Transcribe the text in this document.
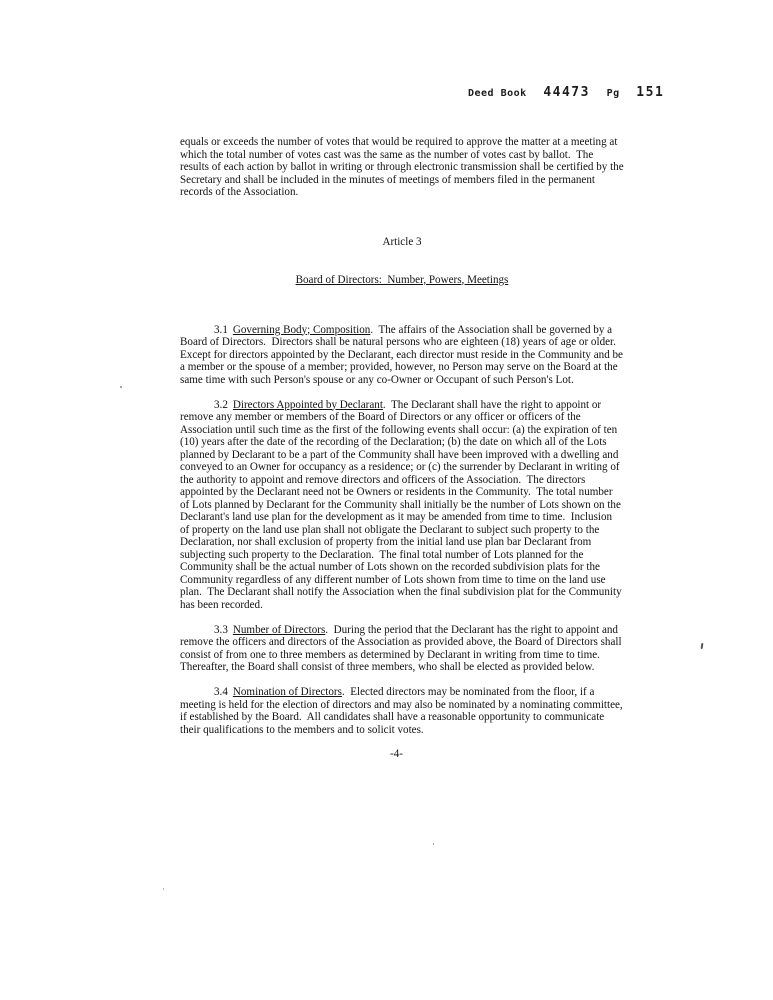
Deed Book 44473 Pg 151

equals or exceeds the number of votes that would be required to approve the matter at a meeting at which the total number of votes cast was the same as the number of votes cast by ballot.  The results of each action by ballot in writing or through electronic transmission shall be certified by the Secretary and shall be included in the minutes of meetings of members filed in the permanent records of the Association.

Article 3

Board of Directors:  Number, Powers, Meetings

3.1 Governing Body; Composition.  The affairs of the Association shall be governed by a Board of Directors.  Directors shall be natural persons who are eighteen (18) years of age or older.  Except for directors appointed by the Declarant, each director must reside in the Community and be a member or the spouse of a member; provided, however, no Person may serve on the Board at the same time with such Person's spouse or any co-Owner or Occupant of such Person's Lot.

3.2 Directors Appointed by Declarant.  The Declarant shall have the right to appoint or remove any member or members of the Board of Directors or any officer or officers of the Association until such time as the first of the following events shall occur: (a) the expiration of ten (10) years after the date of the recording of the Declaration; (b) the date on which all of the Lots planned by Declarant to be a part of the Community shall have been improved with a dwelling and conveyed to an Owner for occupancy as a residence; or (c) the surrender by Declarant in writing of the authority to appoint and remove directors and officers of the Association.  The directors appointed by the Declarant need not be Owners or residents in the Community.  The total number of Lots planned by Declarant for the Community shall initially be the number of Lots shown on the Declarant's land use plan for the development as it may be amended from time to time.  Inclusion of property on the land use plan shall not obligate the Declarant to subject such property to the Declaration, nor shall exclusion of property from the initial land use plan bar Declarant from subjecting such property to the Declaration.  The final total number of Lots planned for the Community shall be the actual number of Lots shown on the recorded subdivision plats for the Community regardless of any different number of Lots shown from time to time on the land use plan.  The Declarant shall notify the Association when the final subdivision plat for the Community has been recorded.

3.3 Number of Directors.  During the period that the Declarant has the right to appoint and remove the officers and directors of the Association as provided above, the Board of Directors shall consist of from one to three members as determined by Declarant in writing from time to time.  Thereafter, the Board shall consist of three members, who shall be elected as provided below.

3.4 Nomination of Directors.  Elected directors may be nominated from the floor, if a meeting is held for the election of directors and may also be nominated by a nominating committee, if established by the Board.  All candidates shall have a reasonable opportunity to communicate their qualifications to the members and to solicit votes.

-4-
